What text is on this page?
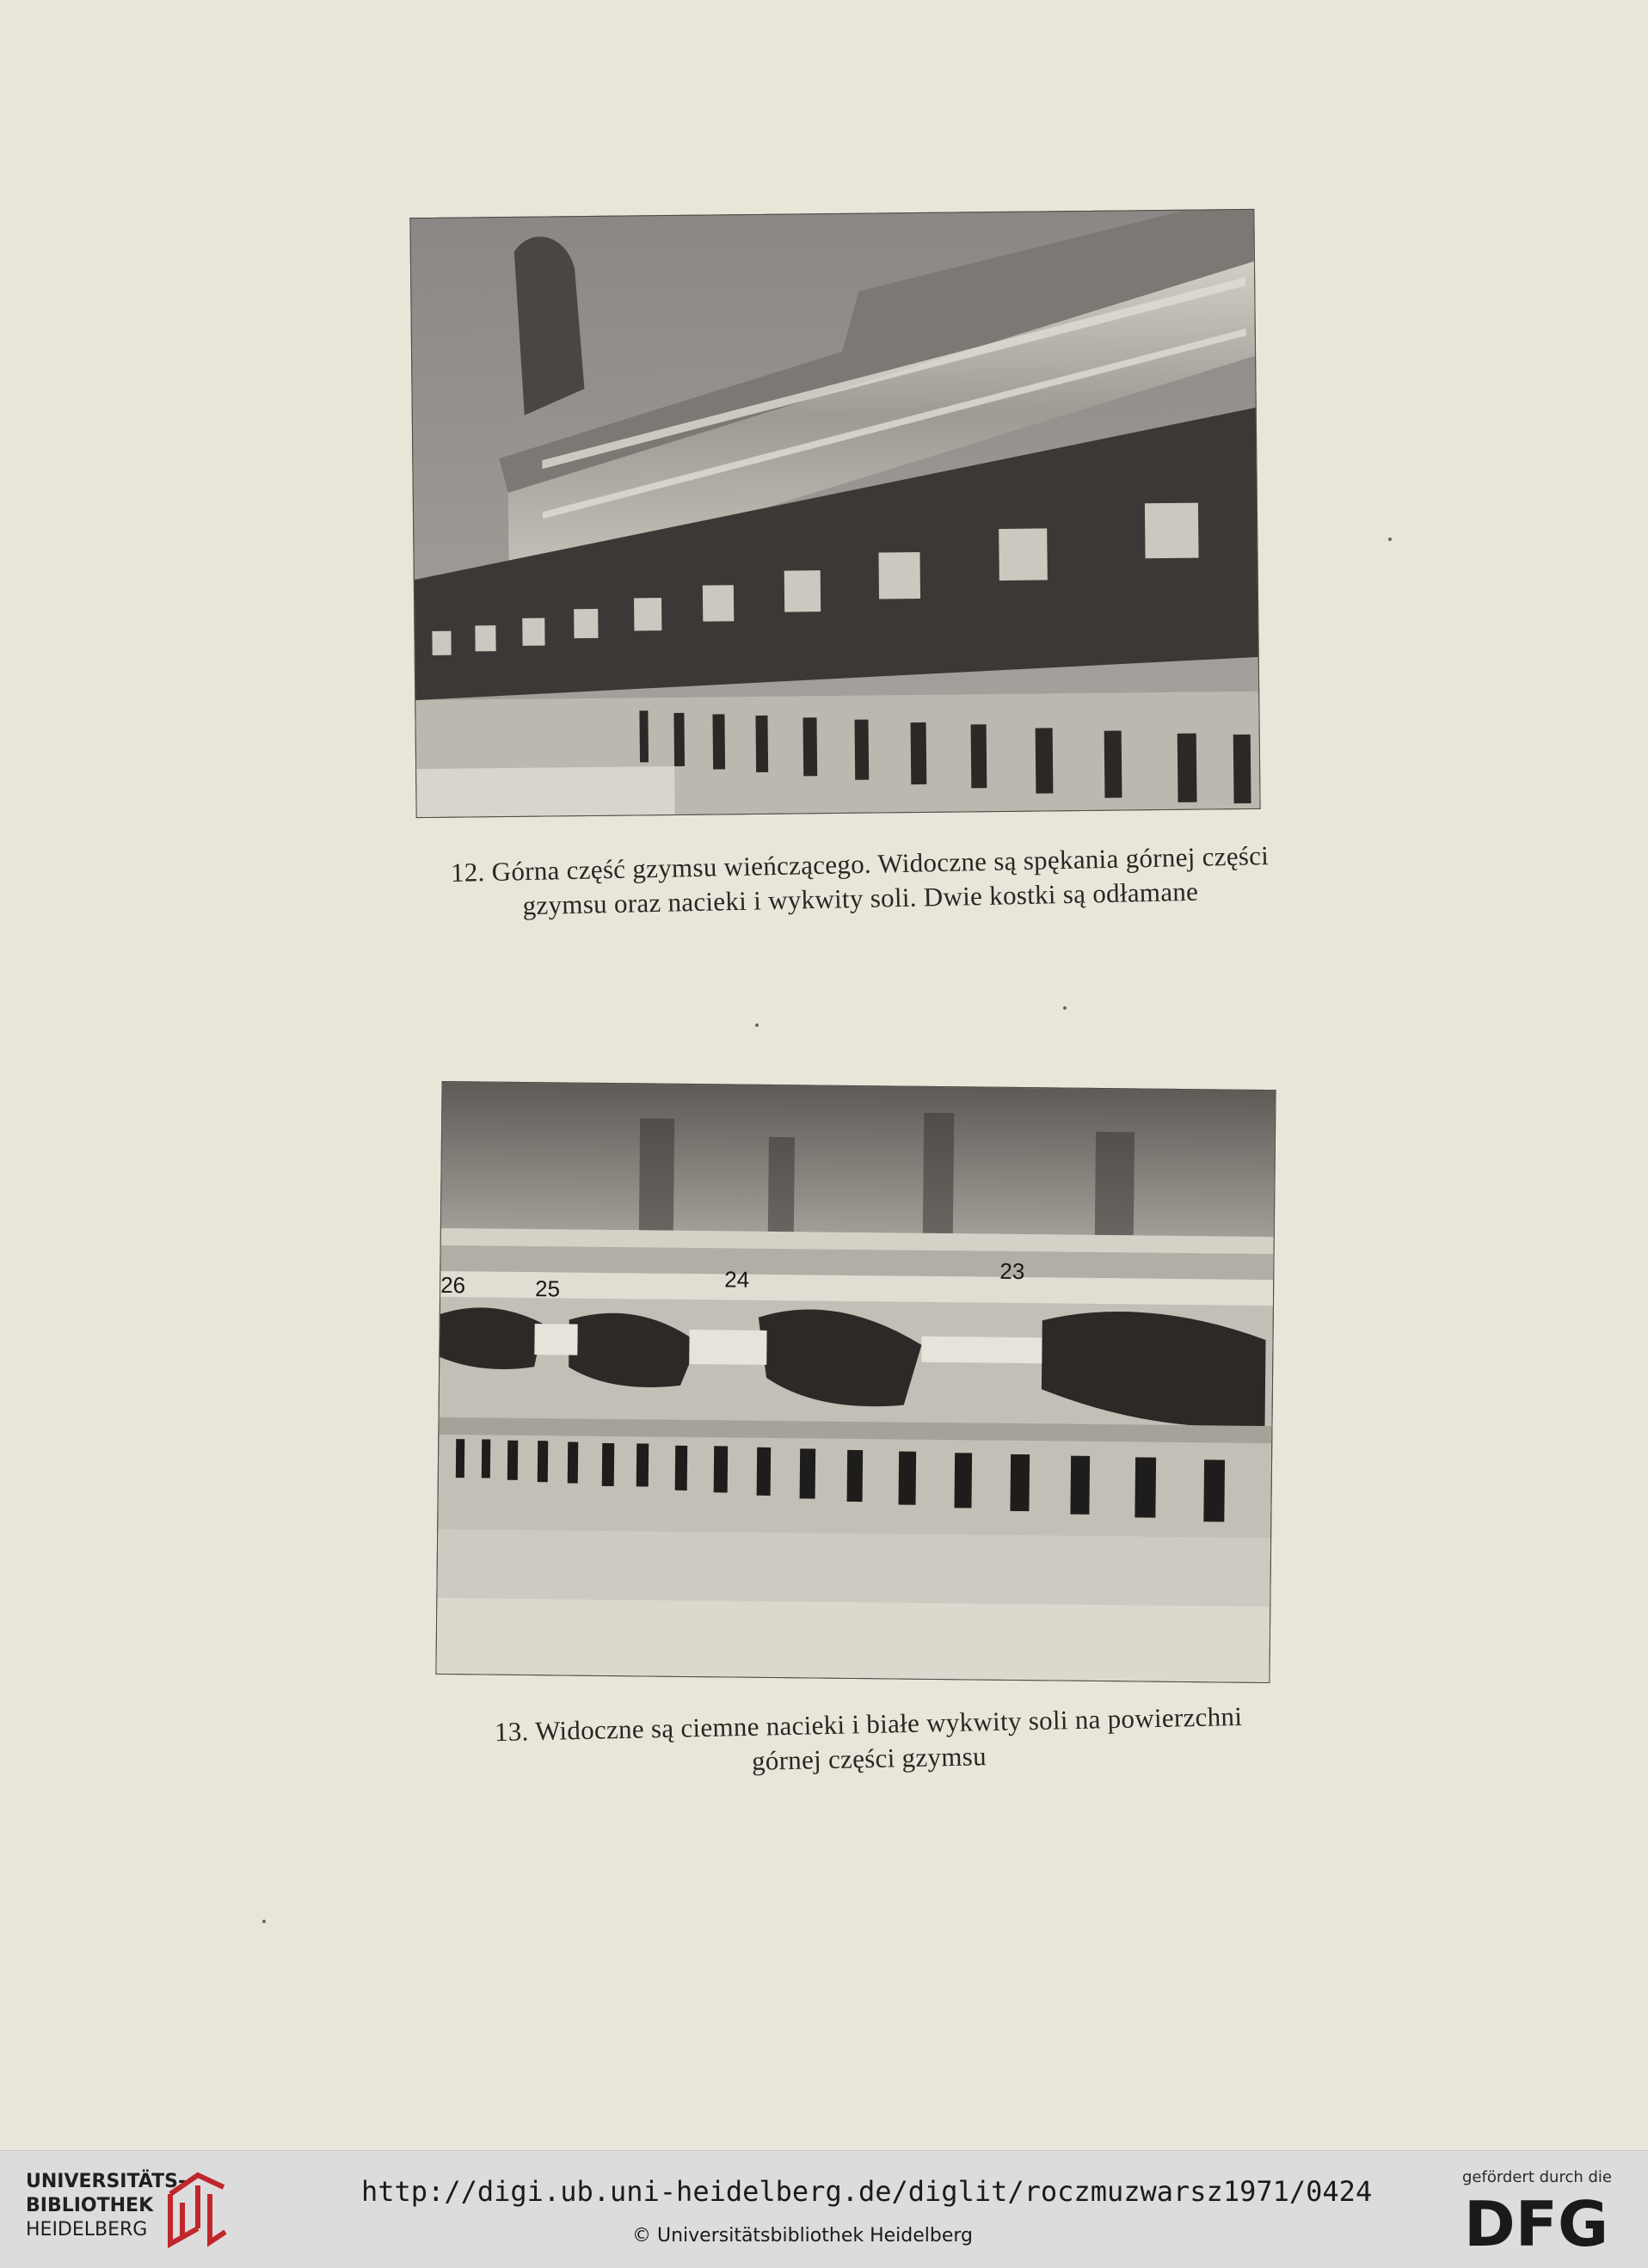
12. Górna część gzymsu wieńczącego. Widoczne są spękania górnej części
gzymsu oraz nacieki i wykwity soli. Dwie kostki są odłamane
26	25	24	23
13. Widoczne są ciemne nacieki i białe wykwity soli na powierzchni
górnej części gzymsu
UNIVERSITÄTS-
BIBLIOTHEK
HEIDELBERG
http://digi.ub.uni-heidelberg.de/diglit/roczmuzwarsz1971/0424
© Universitätsbibliothek Heidelberg
gefördert durch die
DFG
